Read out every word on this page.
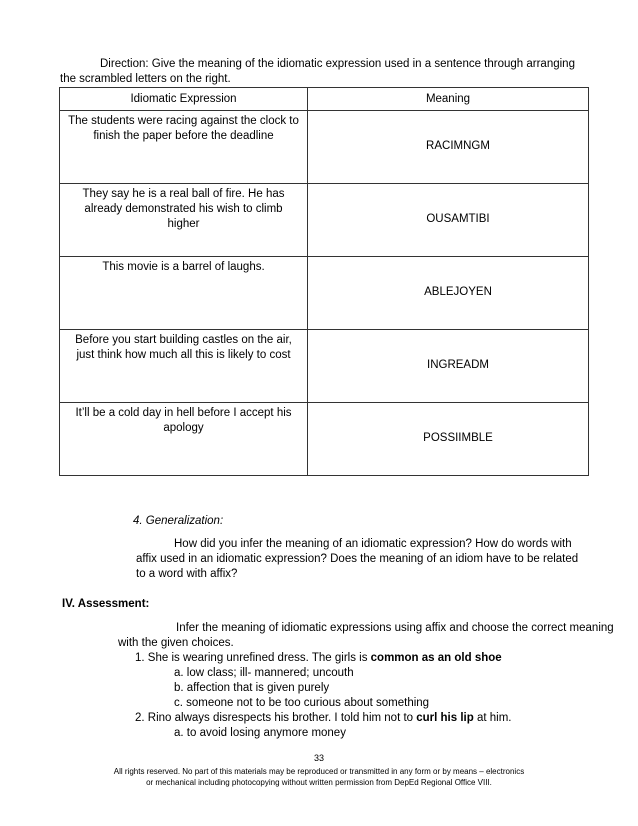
Direction: Give the meaning of the idiomatic expression used in a sentence through arranging
the scrambled letters on the right.
Idiomatic Expression	Meaning

The students were racing against the clock to finish the paper before the deadline	RACIMNGM

They say he is a real ball of fire. He has already demonstrated his wish to climb higher	OUSAMTIBI

This movie is a barrel of laughs.	ABLEJOYEN

Before you start building castles on the air, just think how much all this is likely to cost	INGREADM

It’ll be a cold day in hell before I accept his apology	POSSIIMBLE
4. Generalization:
How did you infer the meaning of an idiomatic expression? How do words with
affix used in an idiomatic expression? Does the meaning of an idiom have to be related
to a word with affix?
IV. Assessment:
Infer the meaning of idiomatic expressions using affix and choose the correct meaning
with the given choices.
1. She is wearing unrefined dress. The girls is common as an old shoe
a. low class; ill- mannered; uncouth
b. affection that is given purely
c. someone not to be too curious about something
2. Rino always disrespects his brother. I told him not to curl his lip at him.
a. to avoid losing anymore money
33
All rights reserved. No part of this materials may be reproduced or transmitted in any form or by means – electronics
or mechanical including photocopying without written permission from DepEd Regional Office VIII.
